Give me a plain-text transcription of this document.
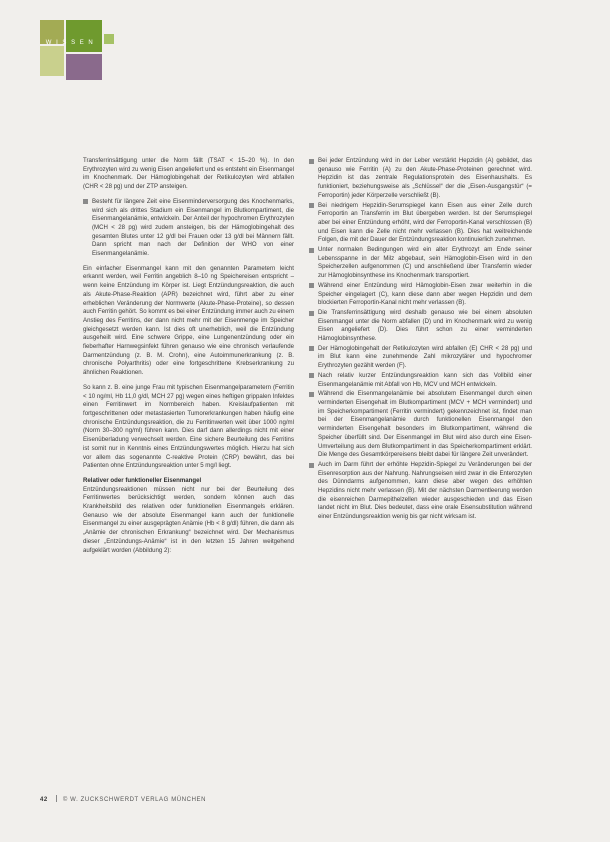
W I S S E N

Transferrinsättigung unter die Norm fällt (TSAT < 15–20 %). In den Erythrozyten wird zu wenig Eisen angeliefert und es entsteht ein Eisenmangel im Knochenmark. Der Hämoglobingehalt der Retikulozyten wird abfallen (CHR < 28 pg) und der ZTP ansteigen.

Besteht für längere Zeit eine Eisenminderversorgung des Knochenmarks, wird sich als drittes Stadium ein Eisenmangel im Blutkompartiment, die Eisenmangelanämie, entwickeln. Der Anteil der hypochromen Erythrozyten (MCH < 28 pg) wird zudem ansteigen, bis der Hämoglobingehalt des gesamten Blutes unter 12 g/dl bei Frauen oder 13 g/dl bei Männern fällt. Dann spricht man nach der Definition der WHO von einer Eisenmangelanämie.

Ein einfacher Eisenmangel kann mit den genannten Parametern leicht erkannt werden, weil Ferritin angeblich 8–10 ng Speichereisen entspricht – wenn keine Entzündung im Körper ist. Liegt Entzündungsreaktion, die auch als Akute-Phase-Reaktion (APR) bezeichnet wird, führt aber zu einer erheblichen Veränderung der Normwerte (Akute-Phase-Proteine), so dessen auch Ferritin gehört. So kommt es bei einer Entzündung immer auch zu einem Anstieg des Ferritins, der dann nicht mehr mit der Eisenmenge im Speicher gleichgesetzt werden kann. Ist dies oft unerheblich, weil die Entzündung ausgeheilt wird. Eine schwere Grippe, eine Lungenentzündung oder ein fieberhafter Harnwegsinfekt führen genauso wie eine chronisch verlaufende Darmentzündung (z. B. M. Crohn), eine Autoimmunerkrankung (z. B. chronische Polyarthritis) oder eine fortgeschrittene Krebserkrankung zu ähnlichen Reaktionen.

So kann z. B. eine junge Frau mit typischen Eisenmangelparametern (Ferritin < 10 ng/ml, Hb 11,0 g/dl, MCH 27 pg) wegen eines heftigen grippalen Infektes einen Ferritinwert im Normbereich haben. Kreislaufpatienten mit fortgeschrittenen oder metastasierten Tumorerkrankungen haben häufig eine chronische Entzündungsreaktion, die zu Ferritinwerten weit über 1000 ng/ml (Norm 30–300 ng/ml) führen kann. Dies darf dann allerdings nicht mit einer Eisenüberladung verwechselt werden. Eine sichere Beurteilung des Ferritins ist somit nur in Kenntnis eines Entzündungswertes möglich. Hierzu hat sich vor allem das sogenannte C-reaktive Protein (CRP) bewährt, das bei Patienten ohne Entzündungsreaktion unter 5 mg/l liegt.

Relativer oder funktioneller Eisenmangel

Entzündungsreaktionen müssen nicht nur bei der Beurteilung des Ferritinwertes berücksichtigt werden, sondern können auch das Krankheitsbild des relativen oder funktionellen Eisenmangels erklären. Genauso wie der absolute Eisenmangel kann auch der funktionelle Eisenmangel zu einer ausgeprägten Anämie (Hb < 8 g/dl) führen, die dann als „Anämie der chronischen Erkrankung“ bezeichnet wird. Der Mechanismus dieser „Entzündungs-Anämie“ ist in den letzten 15 Jahren weitgehend aufgeklärt worden (Abbildung 2):

Bei jeder Entzündung wird in der Leber verstärkt Hepzidin (A) gebildet, das genauso wie Ferritin (A) zu den Akute-Phase-Proteinen gerechnet wird. Hepzidin ist das zentrale Regulationsprotein des Eisenhaushalts. Es funktioniert, beziehungsweise als „Schlüssel“ der die „Eisen-Ausgangstür“ (= Ferroportin) jeder Körperzelle verschließt (B).
Bei niedrigem Hepzidin-Serumspiegel kann Eisen aus einer Zelle durch Ferroportin an Transferrin im Blut übergeben werden. Ist der Serumspiegel aber bei einer Entzündung erhöht, wird der Ferroportin-Kanal verschlossen (B) und Eisen kann die Zelle nicht mehr verlassen (B). Dies hat weitreichende Folgen, die mit der Dauer der Entzündungsreaktion kontinuierlich zunehmen.
Unter normalen Bedingungen wird ein alter Erythrozyt am Ende seiner Lebensspanne in der Milz abgebaut, sein Hämoglobin-Eisen wird in den Speicherzellen aufgenommen (C) und anschließend über Transferrin wieder zur Hämoglobinsynthese ins Knochenmark transportiert.
Während einer Entzündung wird Hämoglobin-Eisen zwar weiterhin in die Speicher eingelagert (C), kann diese dann aber wegen Hepzidin und dem blockierten Ferroportin-Kanal nicht mehr verlassen (B).
Die Transferrinsättigung wird deshalb genauso wie bei einem absoluten Eisenmangel unter die Norm abfallen (D) und im Knochenmark wird zu wenig Eisen angeliefert (D). Dies führt schon zu einer verminderten Hämoglobinsynthese.
Der Hämoglobingehalt der Retikulozyten wird abfallen (E) CHR < 28 pg) und im Blut kann eine zunehmende Zahl mikrozytärer und hypochromer Erythrozyten gezählt werden (F).
Nach relativ kurzer Entzündungsreaktion kann sich das Vollbild einer Eisenmangelanämie mit Abfall von Hb, MCV und MCH entwickeln.
Während die Eisenmangelanämie bei absolutem Eisenmangel durch einen verminderten Eisengehalt im Blutkompartiment (MCV + MCH vermindert) und im Speicherkompartiment (Ferritin vermindert) gekennzeichnet ist, findet man bei der Eisenmangelanämie durch funktionellen Eisenmangel den verminderten Eisengehalt besonders im Blutkompartiment, während die Speicher überfüllt sind. Der Eisenmangel im Blut wird also durch eine Eisen-Umverteilung aus dem Blutkompartiment in das Speicherkompartiment erklärt. Die Menge des Gesamtkörpereisens bleibt dabei für längere Zeit unverändert.
Auch im Darm führt der erhöhte Hepzidin-Spiegel zu Veränderungen bei der Eisenresorption aus der Nahrung. Nahrungseisen wird zwar in die Enterozyten des Dünndarms aufgenommen, kann diese aber wegen des erhöhten Hepzidins nicht mehr verlassen (B). Mit der nächsten Darmentleerung werden die eisenreichen Darmepithelzellen wieder ausgeschieden und das Eisen landet nicht im Blut. Dies bedeutet, dass eine orale Eisensubstitution während einer Entzündungsreaktion wenig bis gar nicht wirksam ist.
42	© W. ZUCKSCHWERDT VERLAG MÜNCHEN
